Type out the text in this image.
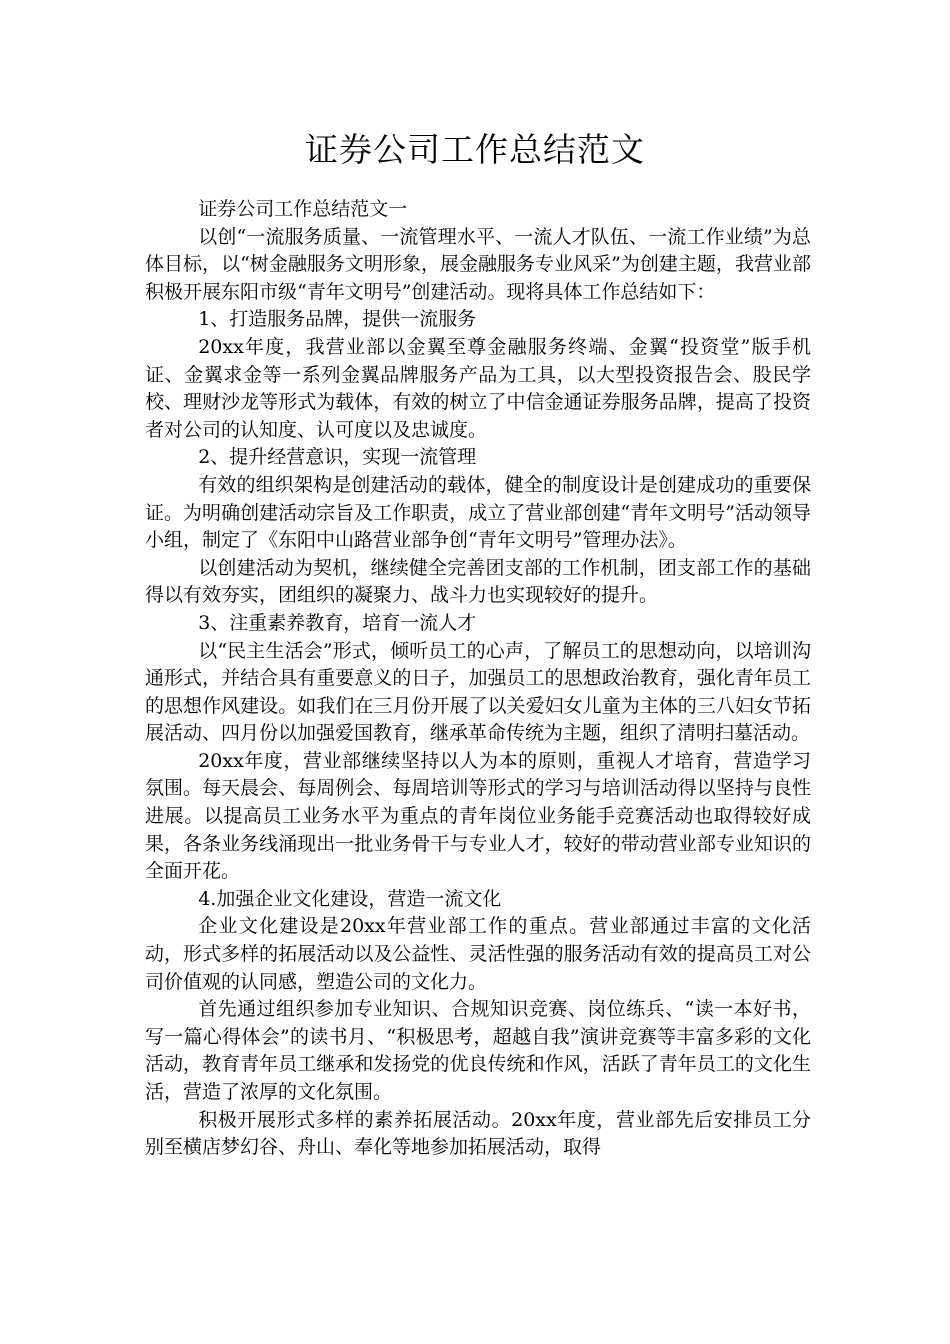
证券公司工作总结范文

证券公司工作总结范文一

以创“一流服务质量、一流管理水平、一流人才队伍、一流工作业绩”为总体目标，以“树金融服务文明形象，展金融服务专业风采”为创建主题，我营业部积极开展东阳市级“青年文明号”创建活动。现将具体工作总结如下：

1、打造服务品牌，提供一流服务

20xx年度，我营业部以金翼至尊金融服务终端、金翼“投资堂”版手机证、金翼求金等一系列金翼品牌服务产品为工具，以大型投资报告会、股民学校、理财沙龙等形式为载体，有效的树立了中信金通证券服务品牌，提高了投资者对公司的认知度、认可度以及忠诚度。

2、提升经营意识，实现一流管理

有效的组织架构是创建活动的载体，健全的制度设计是创建成功的重要保证。为明确创建活动宗旨及工作职责，成立了营业部创建“青年文明号”活动领导小组，制定了《东阳中山路营业部争创“青年文明号”管理办法》。

以创建活动为契机，继续健全完善团支部的工作机制，团支部工作的基础得以有效夯实，团组织的凝聚力、战斗力也实现较好的提升。

3、注重素养教育，培育一流人才

以“民主生活会”形式，倾听员工的心声，了解员工的思想动向，以培训沟通形式，并结合具有重要意义的日子，加强员工的思想政治教育，强化青年员工的思想作风建设。如我们在三月份开展了以关爱妇女儿童为主体的三八妇女节拓展活动、四月份以加强爱国教育，继承革命传统为主题，组织了清明扫墓活动。

20xx年度，营业部继续坚持以人为本的原则，重视人才培育，营造学习氛围。每天晨会、每周例会、每周培训等形式的学习与培训活动得以坚持与良性进展。以提高员工业务水平为重点的青年岗位业务能手竞赛活动也取得较好成果，各条业务线涌现出一批业务骨干与专业人才，较好的带动营业部专业知识的全面开花。

4.加强企业文化建设，营造一流文化

企业文化建设是20xx年营业部工作的重点。营业部通过丰富的文化活动，形式多样的拓展活动以及公益性、灵活性强的服务活动有效的提高员工对公司价值观的认同感，塑造公司的文化力。

首先通过组织参加专业知识、合规知识竞赛、岗位练兵、“读一本好书，写一篇心得体会”的读书月、“积极思考，超越自我”演讲竞赛等丰富多彩的文化活动，教育青年员工继承和发扬党的优良传统和作风，活跃了青年员工的文化生活，营造了浓厚的文化氛围。

积极开展形式多样的素养拓展活动。20xx年度，营业部先后安排员工分别至横店梦幻谷、舟山、奉化等地参加拓展活动，取得
